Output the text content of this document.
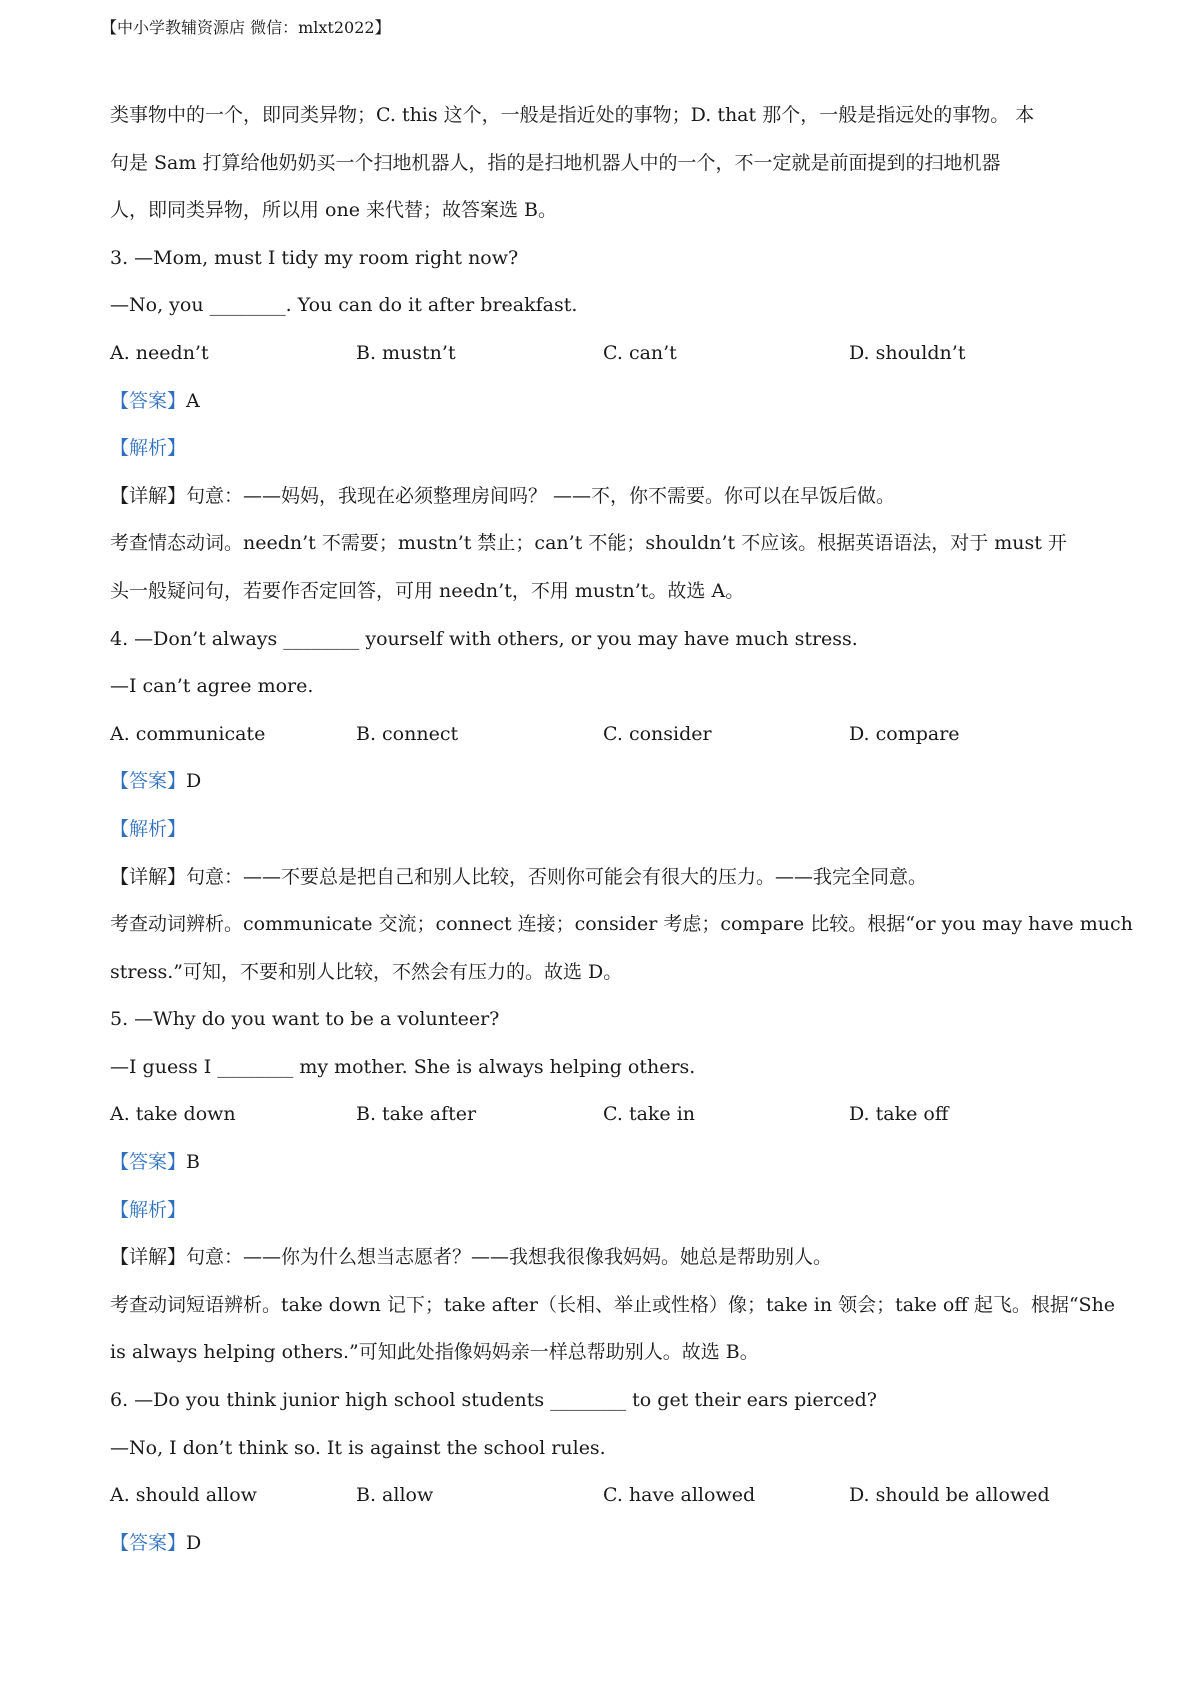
【中小学教辅资源店 微信：mlxt2022】
类事物中的一个，即同类异物；C. this 这个，一般是指近处的事物；D. that 那个，一般是指远处的事物。 本
句是 Sam 打算给他奶奶买一个扫地机器人，指的是扫地机器人中的一个，不一定就是前面提到的扫地机器
人，即同类异物，所以用 one 来代替；故答案选 B。
3. —Mom, must I tidy my room right now?
—No, you ________. You can do it after breakfast.
A. needn’t	B. mustn’t	C. can’t	D. shouldn’t
【答案】A
【解析】
【详解】句意：——妈妈，我现在必须整理房间吗？ ——不，你不需要。你可以在早饭后做。
考查情态动词。needn’t 不需要；mustn’t 禁止；can’t 不能；shouldn’t 不应该。根据英语语法，对于 must 开
头一般疑问句，若要作否定回答，可用 needn’t，不用 mustn’t。故选 A。
4. —Don’t always ________ yourself with others, or you may have much stress.
—I can’t agree more.
A. communicate	B. connect	C. consider	D. compare
【答案】D
【解析】
【详解】句意：——不要总是把自己和别人比较，否则你可能会有很大的压力。——我完全同意。
考查动词辨析。communicate 交流；connect 连接；consider 考虑；compare 比较。根据“or you may have much
stress.”可知，不要和别人比较，不然会有压力的。故选 D。
5. —Why do you want to be a volunteer?
—I guess I ________ my mother. She is always helping others.
A. take down	B. take after	C. take in	D. take off
【答案】B
【解析】
【详解】句意：——你为什么想当志愿者？——我想我很像我妈妈。她总是帮助别人。
考查动词短语辨析。take down 记下；take after（长相、举止或性格）像；take in 领会；take off 起飞。根据“She
is always helping others.”可知此处指像妈妈亲一样总帮助别人。故选 B。
6. —Do you think junior high school students ________ to get their ears pierced?
—No, I don’t think so. It is against the school rules.
A. should allow	B. allow	C. have allowed	D. should be allowed
【答案】D
